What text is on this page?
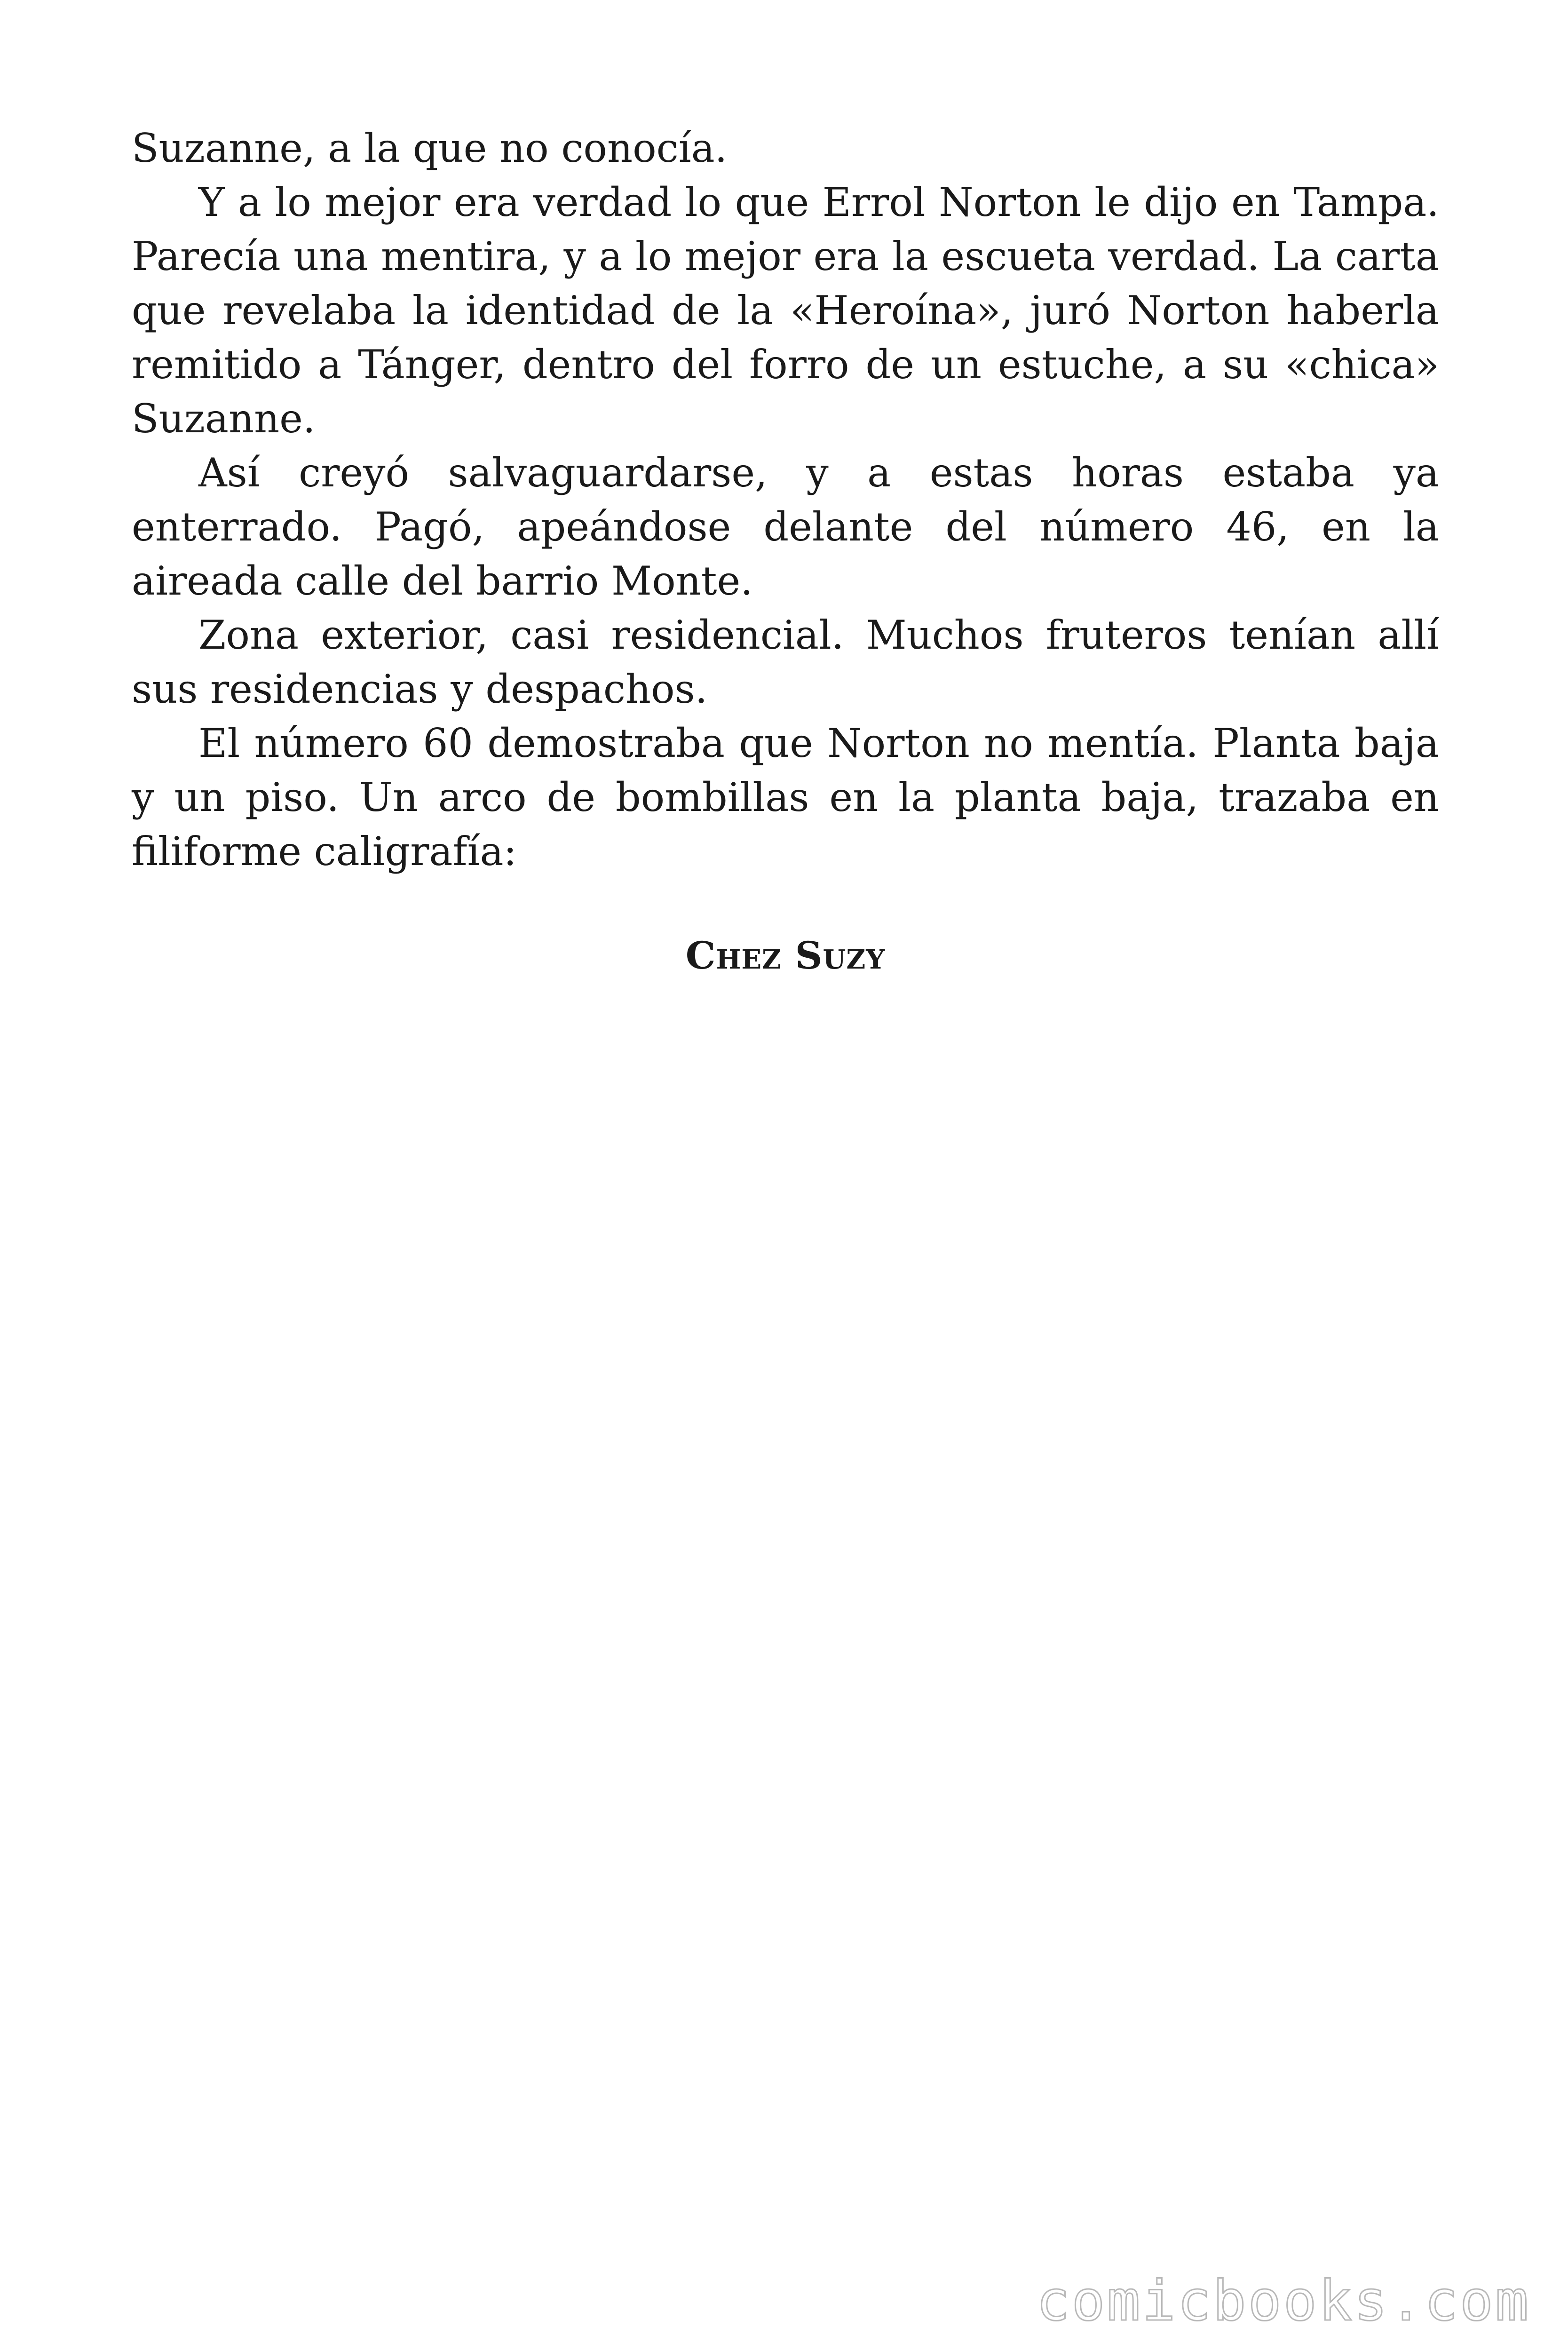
Suzanne, a la que no conocía.

Y a lo mejor era verdad lo que Errol Norton le dijo en Tampa. Parecía una mentira, y a lo mejor era la escueta verdad. La carta que revelaba la identidad de la «Heroína», juró Norton haberla remitido a Tánger, dentro del forro de un estuche, a su «chica» Suzanne.

Así creyó salvaguardarse, y a estas horas estaba ya enterrado. Pagó, apeándose delante del número 46, en la aireada calle del barrio Monte.

Zona exterior, casi residencial. Muchos fruteros tenían allí sus residencias y despachos.

El número 60 demostraba que Norton no mentía. Planta baja y un piso. Un arco de bombillas en la planta baja, trazaba en filiforme caligrafía:

Chez Suzy

comicbooks.com
